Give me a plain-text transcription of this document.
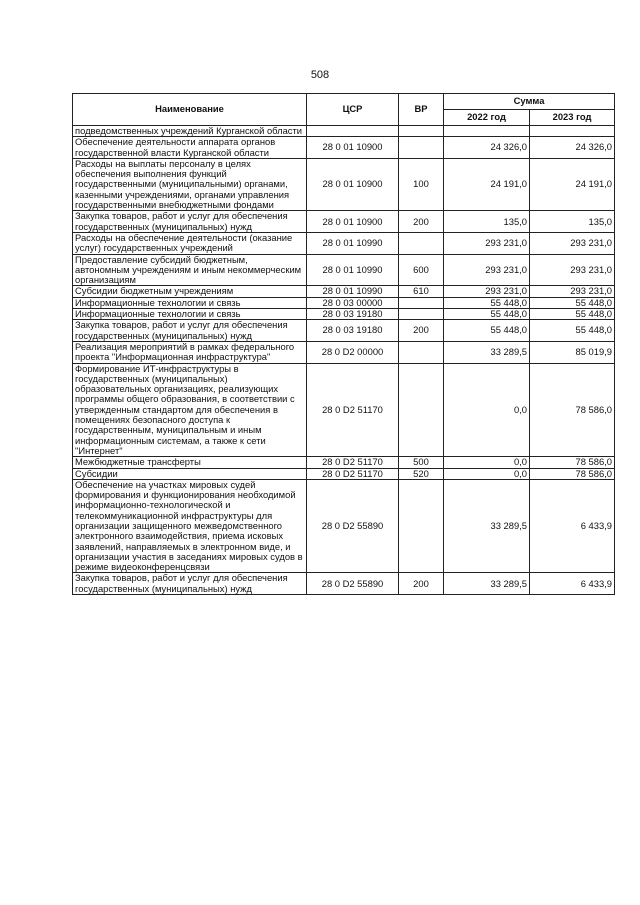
508
Наименование	ЦСР	ВР	Сумма	
			2022 год	2023 год
подведомственных учреждений Курганской области				
Обеспечение деятельности аппарата органов государственной власти Курганской области	28 0 01 10900		24 326,0	24 326,0
Расходы на выплаты персоналу в целях обеспечения выполнения функций государственными (муниципальными) органами, казенными учреждениями, органами управления государственными внебюджетными фондами	28 0 01 10900	100	24 191,0	24 191,0
Закупка товаров, работ и услуг для обеспечения государственных (муниципальных) нужд	28 0 01 10900	200	135,0	135,0
Расходы на обеспечение деятельности (оказание услуг) государственных учреждений	28 0 01 10990		293 231,0	293 231,0
Предоставление субсидий бюджетным, автономным учреждениям и иным некоммерческим организациям	28 0 01 10990	600	293 231,0	293 231,0
Субсидии бюджетным учреждениям	28 0 01 10990	610	293 231,0	293 231,0
Информационные технологии и связь	28 0 03 00000		55 448,0	55 448,0
Информационные технологии и связь	28 0 03 19180		55 448,0	55 448,0
Закупка товаров, работ и услуг для обеспечения государственных (муниципальных) нужд	28 0 03 19180	200	55 448,0	55 448,0
Реализация мероприятий в рамках федерального проекта "Информационная инфраструктура"	28 0 D2 00000		33 289,5	85 019,9
Формирование ИТ-инфраструктуры в государственных (муниципальных) образовательных организациях, реализующих программы общего образования, в соответствии с утвержденным стандартом для обеспечения в помещениях безопасного доступа к государственным, муниципальным и иным информационным системам, а также к сети "Интернет"	28 0 D2 51170		0,0	78 586,0
Межбюджетные трансферты	28 0 D2 51170	500	0,0	78 586,0
Субсидии	28 0 D2 51170	520	0,0	78 586,0
Обеспечение на участках мировых судей формирования и функционирования необходимой информационно-технологической и телекоммуникационной инфраструктуры для организации защищенного межведомственного электронного взаимодействия, приема исковых заявлений, направляемых в электронном виде, и организации участия в заседаниях мировых судов в режиме видеоконференцсвязи	28 0 D2 55890		33 289,5	6 433,9
Закупка товаров, работ и услуг для обеспечения государственных (муниципальных) нужд	28 0 D2 55890	200	33 289,5	6 433,9
